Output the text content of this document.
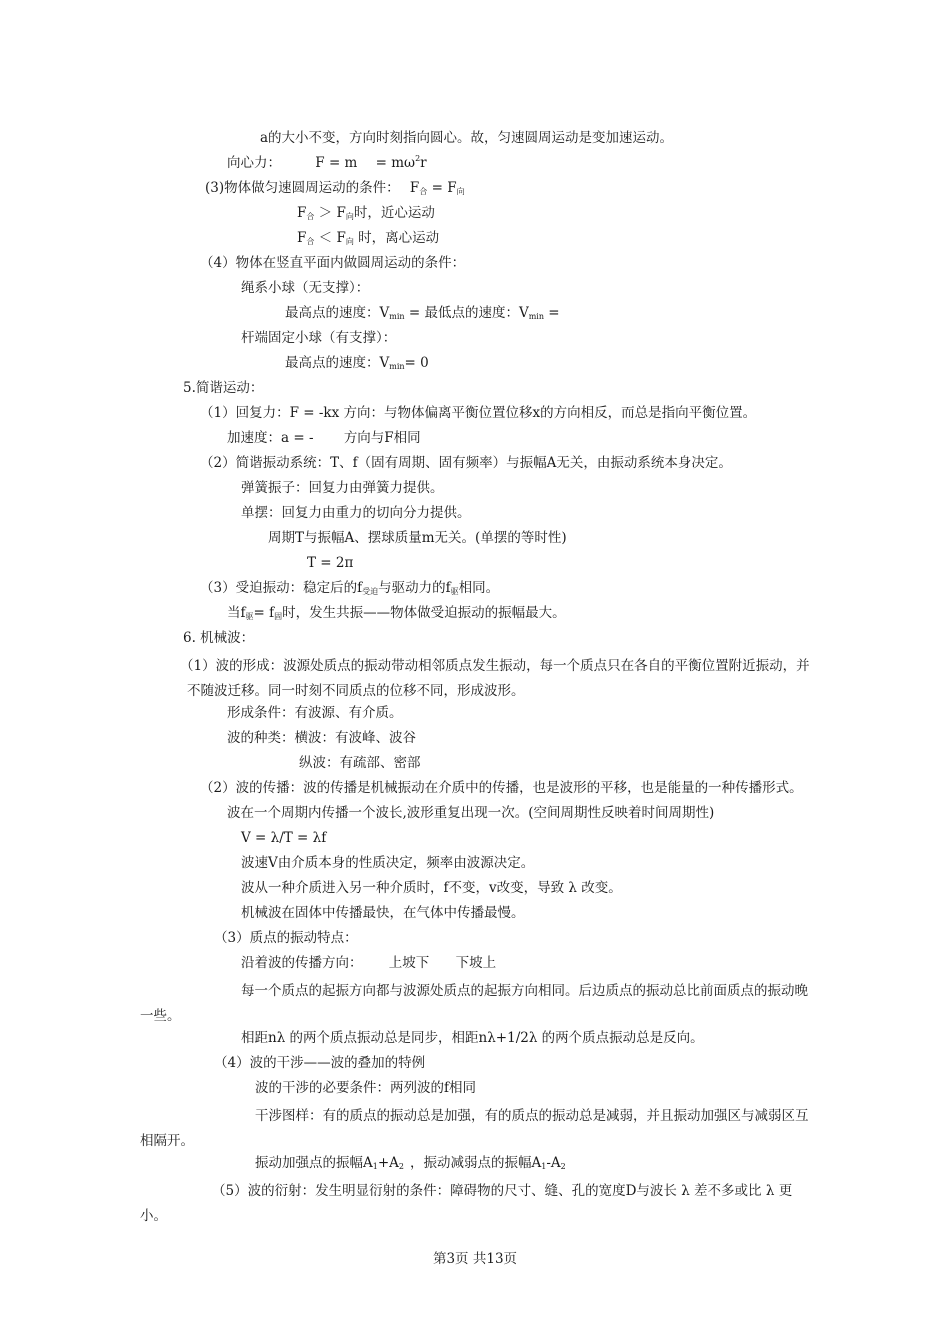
a的大小不变，方向时刻指向圆心。故，匀速圆周运动是变加速运动。
向心力：	$F = m = m\omega^2r$
(3)物体做匀速圆周运动的条件： $F_合 = F_向$
$F_合 > F_向$时，近心运动
$F_合 < F_向$ 时，离心运动
（4）物体在竖直平面内做圆周运动的条件：
绳系小球（无支撑）：
最高点的速度：$V_{min}$ = 最低点的速度：$V_{min}$ =
杆端固定小球（有支撑）：
最高点的速度：$V_{min}= 0$
5.简谐运动：
（1）回复力：F = -kx 方向：与物体偏离平衡位置位移x的方向相反，而总是指向平衡位置。
加速度：a = - 方向与F相同
（2）简谐振动系统：T、f（固有周期、固有频率）与振幅A无关，由振动系统本身决定。
弹簧振子：回复力由弹簧力提供。
单摆：回复力由重力的切向分力提供。
周期T与振幅A、摆球质量m无关。(单摆的等时性)
T = 2π
（3）受迫振动：稳定后的$f_{受迫}$与驱动力的$f_驱$相同。
当$f_驱= f_固$时，发生共振——物体做受迫振动的振幅最大。
6. 机械波：
（1）波的形成：波源处质点的振动带动相邻质点发生振动，每一个质点只在各自的平衡位置附近振动，并不随波迁移。同一时刻不同质点的位移不同，形成波形。
形成条件：有波源、有介质。
波的种类：横波：有波峰、波谷
纵波：有疏部、密部
（2）波的传播：波的传播是机械振动在介质中的传播，也是波形的平移，也是能量的一种传播形式。
波在一个周期内传播一个波长,波形重复出现一次。(空间周期性反映着时间周期性)
V = λ/T = λf
波速V由介质本身的性质决定，频率由波源决定。
波从一种介质进入另一种介质时，f不变，v改变，导致 λ 改变。
机械波在固体中传播最快，在气体中传播最慢。
（3）质点的振动特点：
沿着波的传播方向： 上坡下 下坡上
每一个质点的起振方向都与波源处质点的起振方向相同。后边质点的振动总比前面质点的振动晚一些。
相距nλ 的两个质点振动总是同步，相距nλ+1/2λ 的两个质点振动总是反向。
（4）波的干涉——波的叠加的特例
波的干涉的必要条件：两列波的f相同
干涉图样：有的质点的振动总是加强，有的质点的振动总是减弱，并且振动加强区与减弱区互相隔开。
振动加强点的振幅$A_1+A_2$ ，振动减弱点的振幅$A_1-A_2$
（5）波的衍射：发生明显衍射的条件：障碍物的尺寸、缝、孔的宽度D与波长 λ 差不多或比 λ 更小。
第3页 共13页
